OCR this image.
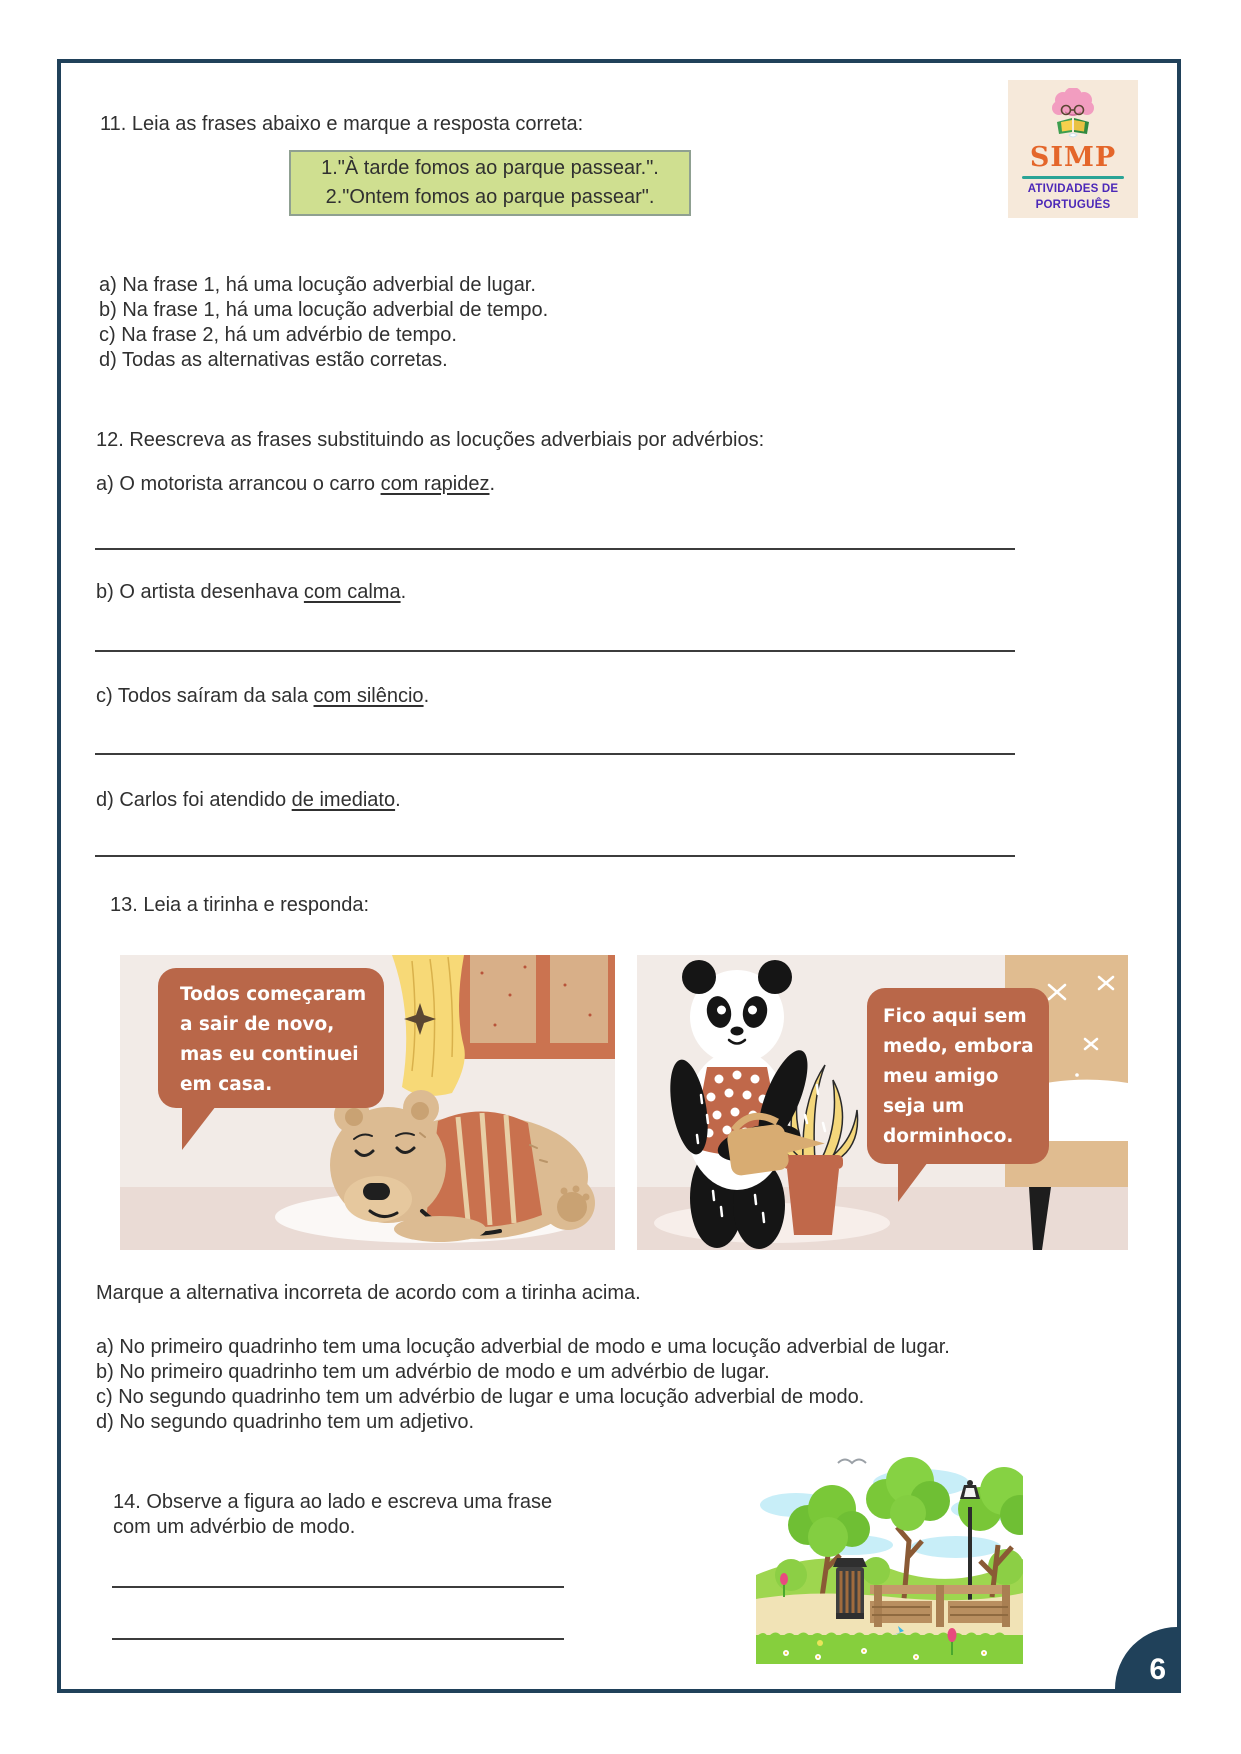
SIMP
ATIVIDADES DE
PORTUGUÊS
11. Leia as frases abaixo e marque a resposta correta:
1."À tarde fomos ao parque passear.".
2."Ontem fomos ao parque passear".
a) Na frase 1, há uma locução adverbial de lugar.
b) Na frase 1, há uma locução adverbial de tempo.
c) Na frase 2, há um advérbio de tempo.
d) Todas as alternativas estão corretas.
12. Reescreva as frases substituindo as locuções adverbiais por advérbios:
a) O motorista arrancou o carro com rapidez.
b) O artista desenhava com calma.
c) Todos saíram da sala com silêncio.
d) Carlos foi atendido de imediato.
13. Leia a tirinha e responda:
Todos começaram
a sair de novo,
mas eu continuei
em casa.
Fico aqui sem
medo, embora
meu amigo
seja um
dorminhoco.
Marque a alternativa incorreta de acordo com a tirinha acima.
a) No primeiro quadrinho tem uma locução adverbial de modo e uma locução adverbial de lugar.
b) No primeiro quadrinho tem um advérbio de modo e um advérbio de lugar.
c) No segundo quadrinho tem um advérbio de lugar e uma locução adverbial de modo.
d) No segundo quadrinho tem um adjetivo.
14. Observe a figura ao lado e escreva uma frase
com um advérbio de modo.
6
